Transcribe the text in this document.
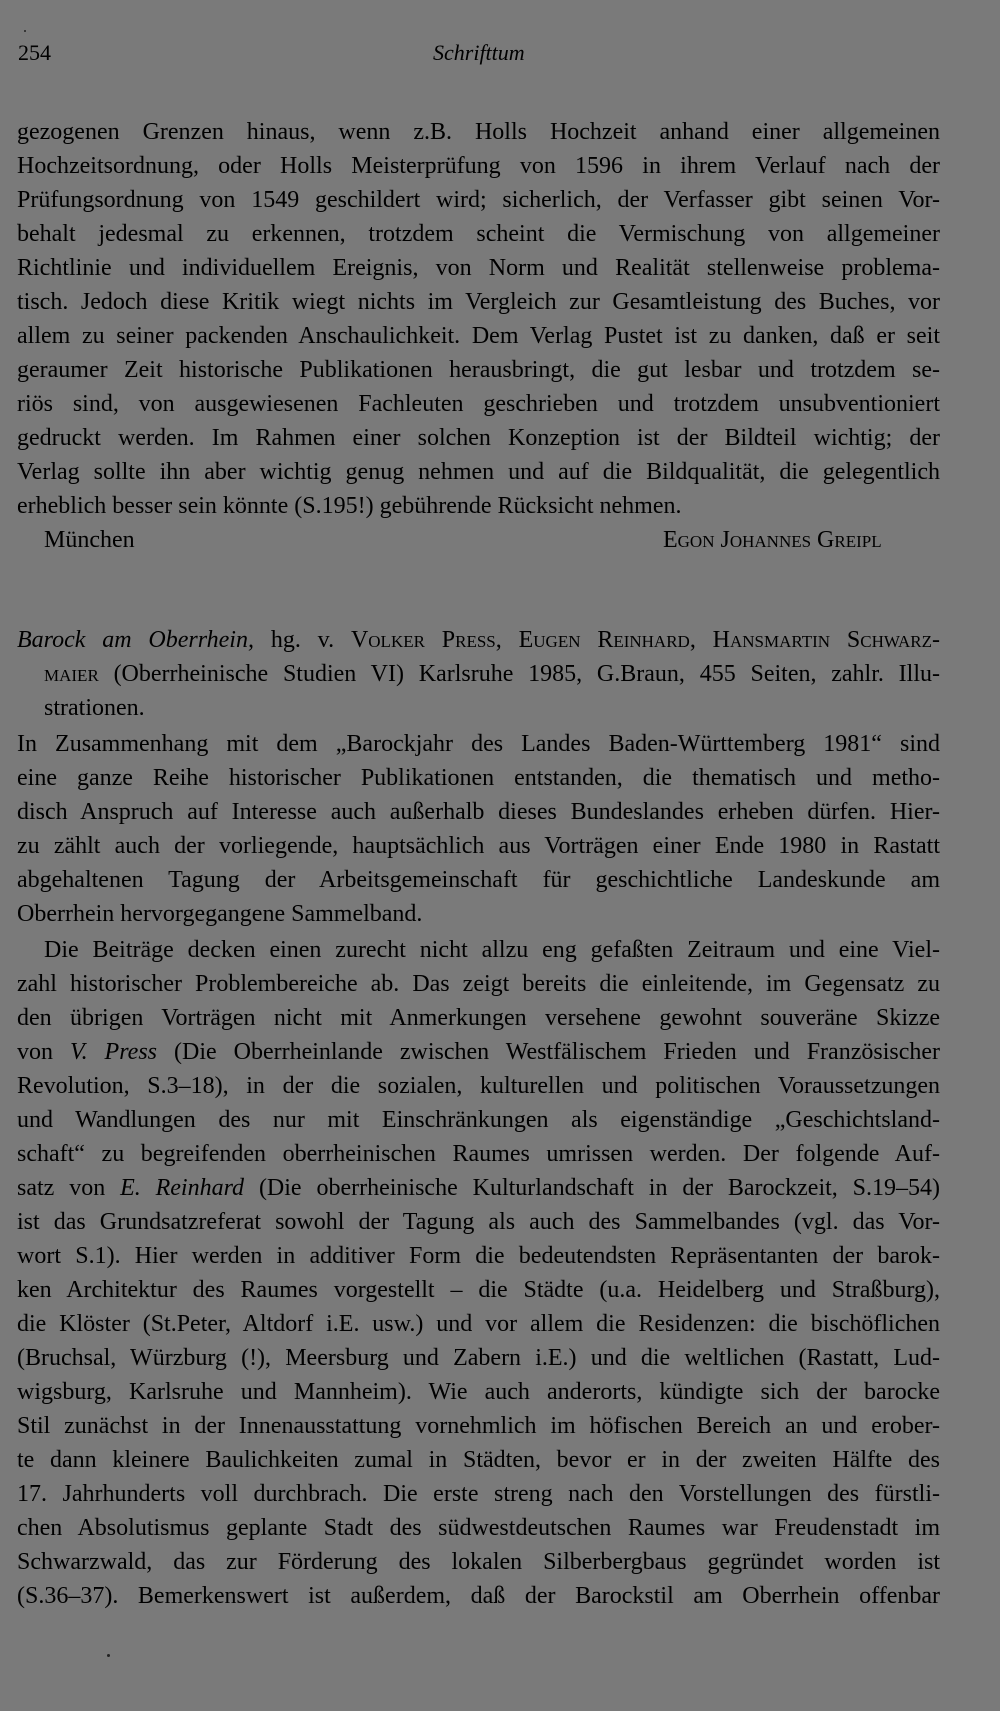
254	Schrifttum
gezogenen Grenzen hinaus, wenn z.B. Holls Hochzeit anhand einer allgemeinen
Hochzeitsordnung, oder Holls Meisterprüfung von 1596 in ihrem Verlauf nach der
Prüfungsordnung von 1549 geschildert wird; sicherlich, der Verfasser gibt seinen Vor-
behalt jedesmal zu erkennen, trotzdem scheint die Vermischung von allgemeiner
Richtlinie und individuellem Ereignis, von Norm und Realität stellenweise problema-
tisch. Jedoch diese Kritik wiegt nichts im Vergleich zur Gesamtleistung des Buches, vor
allem zu seiner packenden Anschaulichkeit. Dem Verlag Pustet ist zu danken, daß er seit
geraumer Zeit historische Publikationen herausbringt, die gut lesbar und trotzdem se-
riös sind, von ausgewiesenen Fachleuten geschrieben und trotzdem unsubventioniert
gedruckt werden. Im Rahmen einer solchen Konzeption ist der Bildteil wichtig; der
Verlag sollte ihn aber wichtig genug nehmen und auf die Bildqualität, die gelegentlich
erheblich besser sein könnte (S.195!) gebührende Rücksicht nehmen.
München	Egon Johannes Greipl
Barock am Oberrhein, hg. v. Volker Press, Eugen Reinhard, Hansmartin Schwarz-
maier (Oberrheinische Studien VI) Karlsruhe 1985, G.Braun, 455 Seiten, zahlr. Illu-
strationen.
In Zusammenhang mit dem „Barockjahr des Landes Baden-Württemberg 1981“ sind
eine ganze Reihe historischer Publikationen entstanden, die thematisch und metho-
disch Anspruch auf Interesse auch außerhalb dieses Bundeslandes erheben dürfen. Hier-
zu zählt auch der vorliegende, hauptsächlich aus Vorträgen einer Ende 1980 in Rastatt
abgehaltenen Tagung der Arbeitsgemeinschaft für geschichtliche Landeskunde am
Oberrhein hervorgegangene Sammelband.
Die Beiträge decken einen zurecht nicht allzu eng gefaßten Zeitraum und eine Viel-
zahl historischer Problembereiche ab. Das zeigt bereits die einleitende, im Gegensatz zu
den übrigen Vorträgen nicht mit Anmerkungen versehene gewohnt souveräne Skizze
von V. Press (Die Oberrheinlande zwischen Westfälischem Frieden und Französischer
Revolution, S.3–18), in der die sozialen, kulturellen und politischen Voraussetzungen
und Wandlungen des nur mit Einschränkungen als eigenständige „Geschichtsland-
schaft“ zu begreifenden oberrheinischen Raumes umrissen werden. Der folgende Auf-
satz von E. Reinhard (Die oberrheinische Kulturlandschaft in der Barockzeit, S.19–54)
ist das Grundsatzreferat sowohl der Tagung als auch des Sammelbandes (vgl. das Vor-
wort S.1). Hier werden in additiver Form die bedeutendsten Repräsentanten der barok-
ken Architektur des Raumes vorgestellt – die Städte (u.a. Heidelberg und Straßburg),
die Klöster (St.Peter, Altdorf i.E. usw.) und vor allem die Residenzen: die bischöflichen
(Bruchsal, Würzburg (!), Meersburg und Zabern i.E.) und die weltlichen (Rastatt, Lud-
wigsburg, Karlsruhe und Mannheim). Wie auch anderorts, kündigte sich der barocke
Stil zunächst in der Innenausstattung vornehmlich im höfischen Bereich an und erober-
te dann kleinere Baulichkeiten zumal in Städten, bevor er in der zweiten Hälfte des
17. Jahrhunderts voll durchbrach. Die erste streng nach den Vorstellungen des fürstli-
chen Absolutismus geplante Stadt des südwestdeutschen Raumes war Freudenstadt im
Schwarzwald, das zur Förderung des lokalen Silberbergbaus gegründet worden ist
(S.36–37). Bemerkenswert ist außerdem, daß der Barockstil am Oberrhein offenbar
